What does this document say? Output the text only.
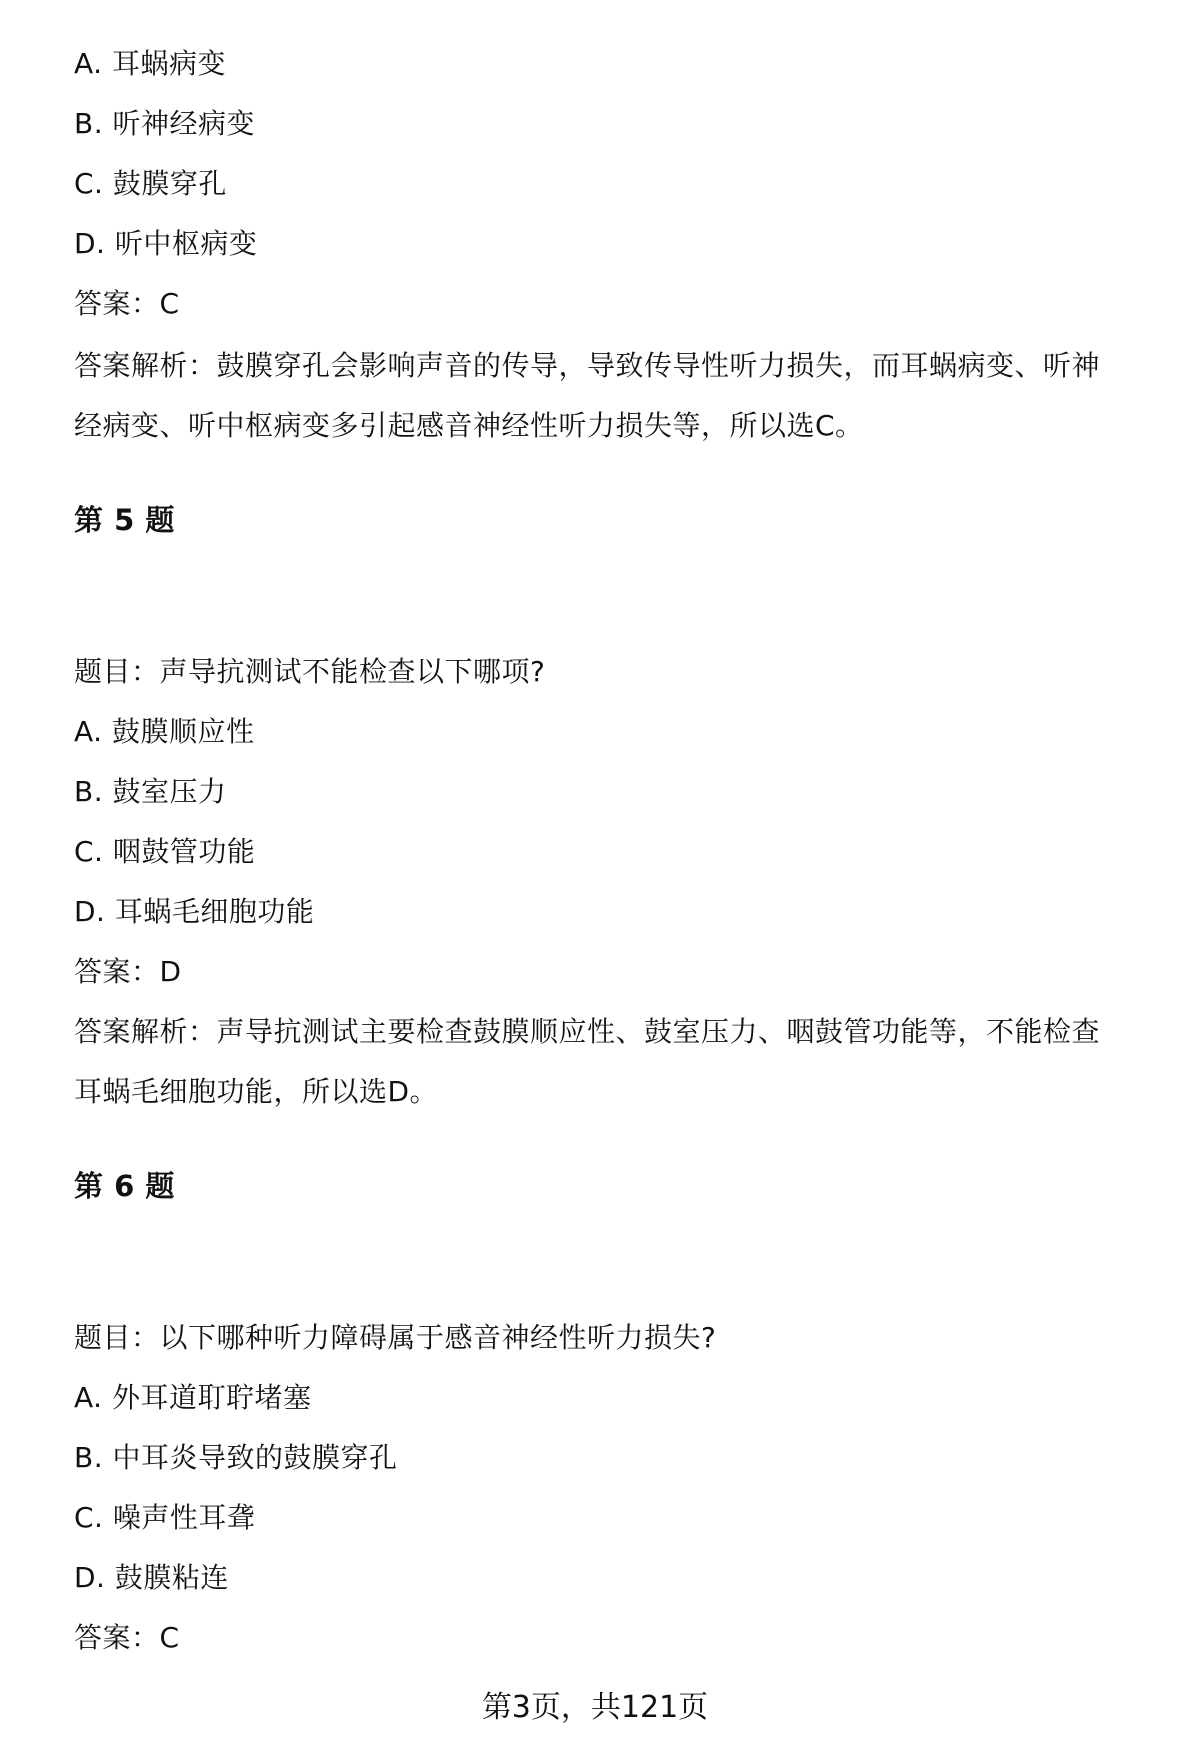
A. 耳蜗病变
B. 听神经病变
C. 鼓膜穿孔
D. 听中枢病变
答案：C
答案解析：鼓膜穿孔会影响声音的传导，导致传导性听力损失，而耳蜗病变、听神
经病变、听中枢病变多引起感音神经性听力损失等，所以选C。
第 5 题
题目：声导抗测试不能检查以下哪项?
A. 鼓膜顺应性
B. 鼓室压力
C. 咽鼓管功能
D. 耳蜗毛细胞功能
答案：D
答案解析：声导抗测试主要检查鼓膜顺应性、鼓室压力、咽鼓管功能等，不能检查
耳蜗毛细胞功能，所以选D。
第 6 题
题目：以下哪种听力障碍属于感音神经性听力损失?
A. 外耳道耵聍堵塞
B. 中耳炎导致的鼓膜穿孔
C. 噪声性耳聋
D. 鼓膜粘连
答案：C
第3页，共121页
